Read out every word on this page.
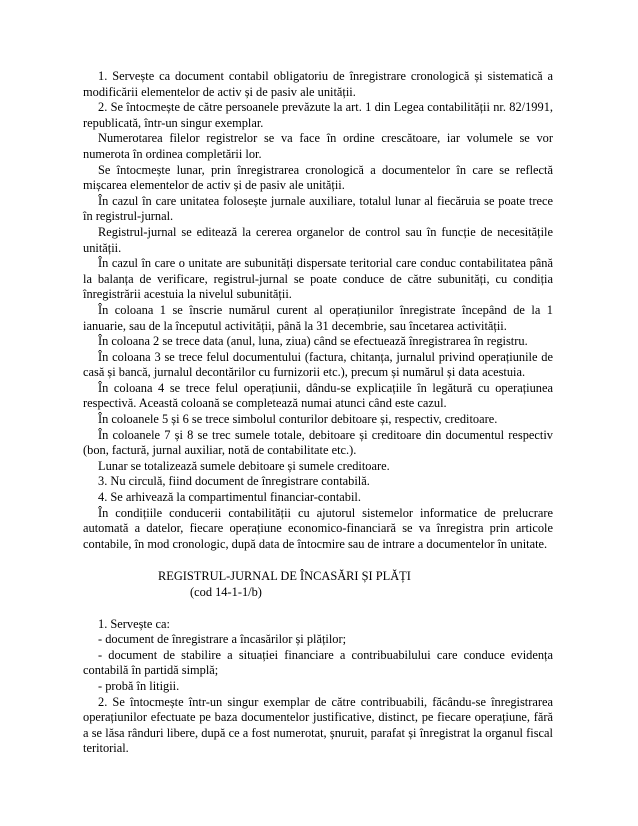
1. Servește ca document contabil obligatoriu de înregistrare cronologică și sistematică a modificării elementelor de activ și de pasiv ale unității.

2. Se întocmește de către persoanele prevăzute la art. 1 din Legea contabilității nr. 82/1991, republicată, într-un singur exemplar.

Numerotarea filelor registrelor se va face în ordine crescătoare, iar volumele se vor numerota în ordinea completării lor.

Se întocmește lunar, prin înregistrarea cronologică a documentelor în care se reflectă mișcarea elementelor de activ și de pasiv ale unității.

În cazul în care unitatea folosește jurnale auxiliare, totalul lunar al fiecăruia se poate trece în registrul-jurnal.

Registrul-jurnal se editează la cererea organelor de control sau în funcție de necesitățile unității.

În cazul în care o unitate are subunități dispersate teritorial care conduc contabilitatea până la balanța de verificare, registrul-jurnal se poate conduce de către subunități, cu condiția înregistrării acestuia la nivelul subunității.

În coloana 1 se înscrie numărul curent al operațiunilor înregistrate începând de la 1 ianuarie, sau de la începutul activității, până la 31 decembrie, sau încetarea activității.

În coloana 2 se trece data (anul, luna, ziua) când se efectuează înregistrarea în registru.

În coloana 3 se trece felul documentului (factura, chitanța, jurnalul privind operațiunile de casă și bancă, jurnalul decontărilor cu furnizorii etc.), precum și numărul și data acestuia.

În coloana 4 se trece felul operațiunii, dându-se explicațiile în legătură cu operațiunea respectivă. Această coloană se completează numai atunci când este cazul.

În coloanele 5 și 6 se trece simbolul conturilor debitoare și, respectiv, creditoare.

În coloanele 7 și 8 se trec sumele totale, debitoare și creditoare din documentul respectiv (bon, factură, jurnal auxiliar, notă de contabilitate etc.).

Lunar se totalizează sumele debitoare și sumele creditoare.

3. Nu circulă, fiind document de înregistrare contabilă.

4. Se arhivează la compartimentul financiar-contabil.

În condițiile conducerii contabilității cu ajutorul sistemelor informatice de prelucrare automată a datelor, fiecare operațiune economico-financiară se va înregistra prin articole contabile, în mod cronologic, după data de întocmire sau de intrare a documentelor în unitate.

REGISTRUL-JURNAL DE ÎNCASĂRI ȘI PLĂȚI

(cod 14-1-1/b)

1. Servește ca:

- document de înregistrare a încasărilor și plăților;

- document de stabilire a situației financiare a contribuabilului care conduce evidența contabilă în partidă simplă;

- probă în litigii.

2. Se întocmește într-un singur exemplar de către contribuabili, făcându-se înregistrarea operațiunilor efectuate pe baza documentelor justificative, distinct, pe fiecare operațiune, fără a se lăsa rânduri libere, după ce a fost numerotat, șnuruit, parafat și înregistrat la organul fiscal teritorial.
